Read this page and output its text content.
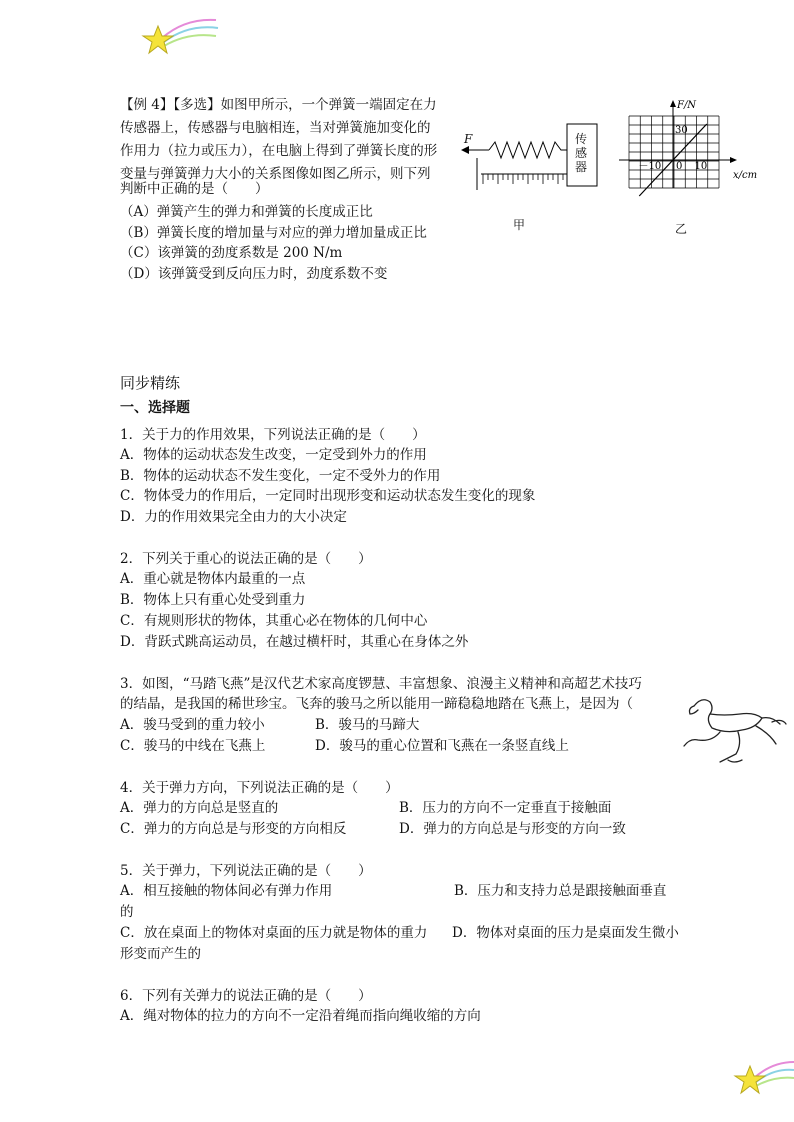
【例 4】【多选】如图甲所示，一个弹簧一端固定在力
传感器上，传感器与电脑相连，当对弹簧施加变化的
作用力（拉力或压力），在电脑上得到了弹簧长度的形
变量与弹簧弹力大小的关系图像如图乙所示，则下列
判断中正确的是（　　）
（A）弹簧产生的弹力和弹簧的长度成正比
（B）弹簧长度的增加量与对应的弹力增加量成正比
（C）该弹簧的劲度系数是 200 N/m
（D）该弹簧受到反向压力时，劲度系数不变
F	传感器
甲
F/N
x/cm
30
－10 0 10
乙
同步精练
一、选择题
1．关于力的作用效果，下列说法正确的是（　　）
A．物体的运动状态发生改变，一定受到外力的作用
B．物体的运动状态不发生变化，一定不受外力的作用
C．物体受力的作用后，一定同时出现形变和运动状态发生变化的现象
D．力的作用效果完全由力的大小决定
2．下列关于重心的说法正确的是（　　）
A．重心就是物体内最重的一点
B．物体上只有重心处受到重力
C．有规则形状的物体，其重心必在物体的几何中心
D．背跃式跳高运动员，在越过横杆时，其重心在身体之外
3．如图，“马踏飞燕”是汉代艺术家高度锣慧、丰富想象、浪漫主义精神和高超艺术技巧
的结晶，是我国的稀世珍宝。飞奔的骏马之所以能用一蹄稳稳地踏在飞燕上，是因为（
A．骏马受到的重力较小	B．骏马的马蹄大
C．骏马的中线在飞燕上	D．骏马的重心位置和飞燕在一条竖直线上
4．关于弹力方向，下列说法正确的是（　　）
A．弹力的方向总是竖直的	B．压力的方向不一定垂直于接触面
C．弹力的方向总是与形变的方向相反	D．弹力的方向总是与形变的方向一致
5．关于弹力，下列说法正确的是（　　）
A．相互接触的物体间必有弹力作用	B．压力和支持力总是跟接触面垂直
的
C．放在桌面上的物体对桌面的压力就是物体的重力 D．物体对桌面的压力是桌面发生微小
形变而产生的
6．下列有关弹力的说法正确的是（　　）
A．绳对物体的拉力的方向不一定沿着绳而指向绳收缩的方向
